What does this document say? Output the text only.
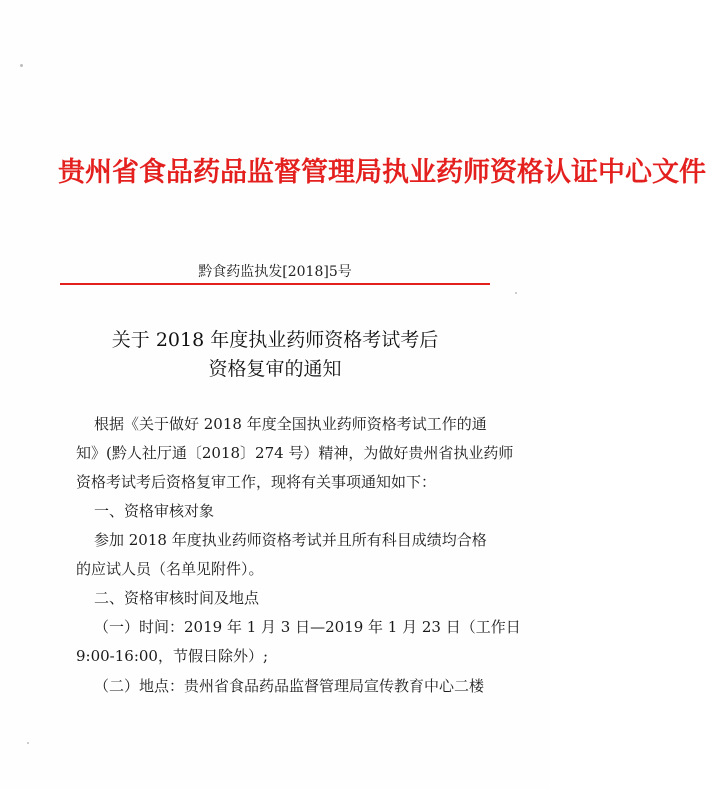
贵州省食品药品监督管理局执业药师资格认证中心文件
黔食药监执发[2018]5号
关于 2018 年度执业药师资格考试考后
资格复审的通知
根据《关于做好 2018 年度全国执业药师资格考试工作的通
知》(黔人社厅通〔2018〕274 号）精神，为做好贵州省执业药师
资格考试考后资格复审工作，现将有关事项通知如下：
一、资格审核对象
参加 2018 年度执业药师资格考试并且所有科目成绩均合格
的应试人员（名单见附件）。
二、资格审核时间及地点
（一）时间：2019 年 1 月 3 日—2019 年 1 月 23 日（工作日
9:00-16:00，节假日除外）;
（二）地点：贵州省食品药品监督管理局宣传教育中心二楼
